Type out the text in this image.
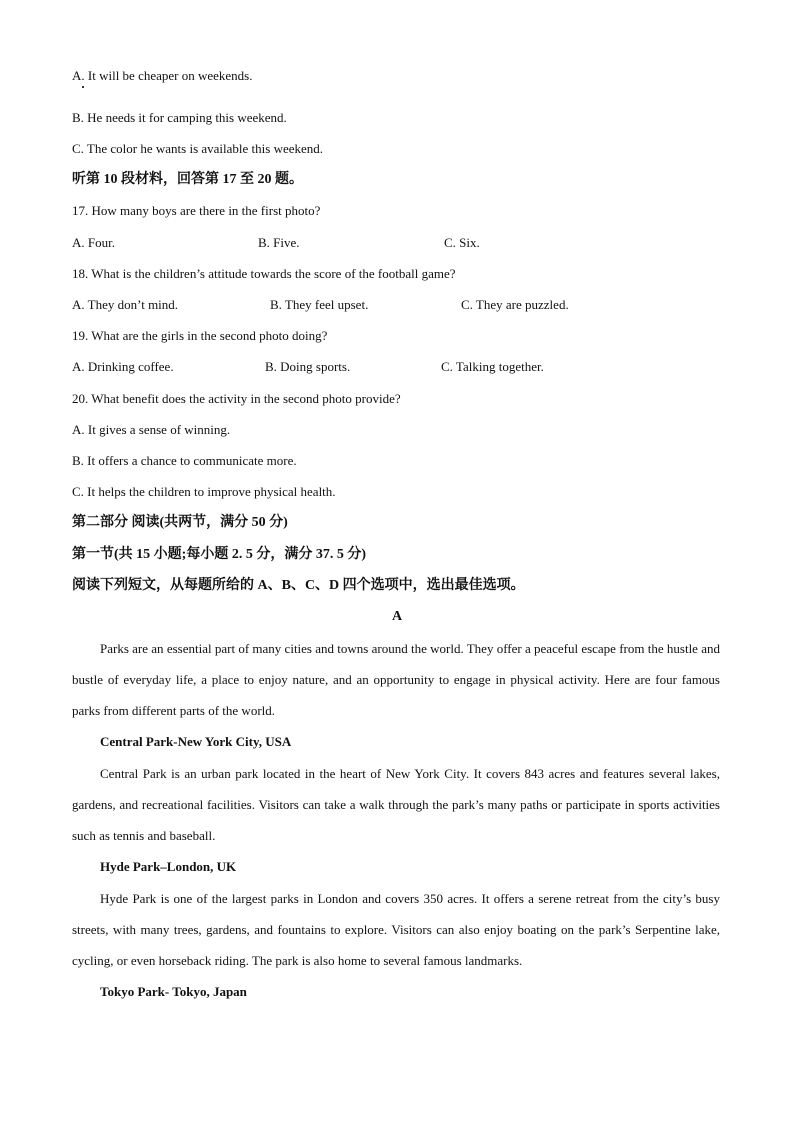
A. It will be cheaper on weekends.
B. He needs it for camping this weekend.
C. The color he wants is available this weekend.
听第 10 段材料，回答第 17 至 20 题。
17. How many boys are there in the first photo?
A. Four.	B. Five.	C. Six.
18. What is the children’s attitude towards the score of the football game?
A. They don’t mind.	B. They feel upset.	C. They are puzzled.
19. What are the girls in the second photo doing?
A. Drinking coffee.	B. Doing sports.	C. Talking together.
20. What benefit does the activity in the second photo provide?
A. It gives a sense of winning.
B. It offers a chance to communicate more.
C. It helps the children to improve physical health.
第二部分 阅读(共两节，满分 50 分)
第一节(共 15 小题;每小题 2. 5 分，满分 37. 5 分)
阅读下列短文，从每题所给的 A、B、C、D 四个选项中，选出最佳选项。
A
Parks are an essential part of many cities and towns around the world. They offer a peaceful escape from the hustle and bustle of everyday life, a place to enjoy nature, and an opportunity to engage in physical activity. Here are four famous parks from different parts of the world.
Central Park-New York City, USA
Central Park is an urban park located in the heart of New York City. It covers 843 acres and features several lakes, gardens, and recreational facilities. Visitors can take a walk through the park’s many paths or participate in sports activities such as tennis and baseball.
Hyde Park–London, UK
Hyde Park is one of the largest parks in London and covers 350 acres. It offers a serene retreat from the city’s busy streets, with many trees, gardens, and fountains to explore. Visitors can also enjoy boating on the park’s Serpentine lake, cycling, or even horseback riding. The park is also home to several famous landmarks.
Tokyo Park- Tokyo, Japan
